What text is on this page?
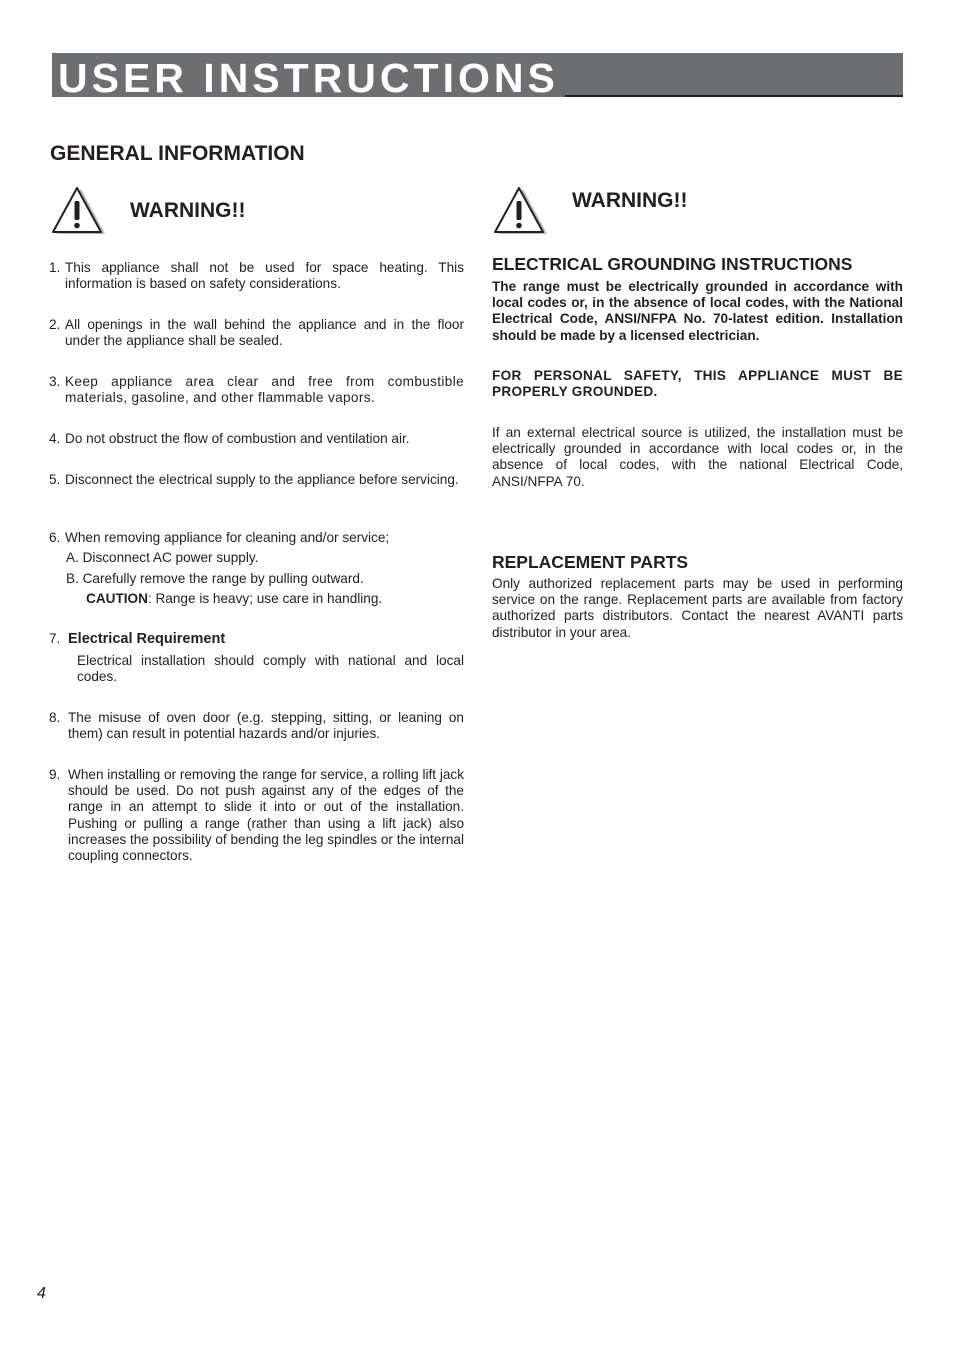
USER INSTRUCTIONS
GENERAL INFORMATION
WARNING!!
1. This appliance shall not be used for space heating. This information is based on safety considerations.
2. All openings in the wall behind the appliance and in the floor under the appliance shall be sealed.
3. Keep appliance area clear and free from combustible materials, gasoline, and other flammable vapors.
4. Do not obstruct the flow of combustion and ventilation air.
5. Disconnect the electrical supply to the appliance before servicing.
6. When removing appliance for cleaning and/or service;
A. Disconnect AC power supply.
B. Carefully remove the range by pulling outward.
CAUTION: Range is heavy; use care in handling.
7. Electrical Requirement
Electrical installation should comply with national and local codes.
8. The misuse of oven door (e.g. stepping, sitting, or leaning on them) can result in potential hazards and/or injuries.
9. When installing or removing the range for service, a rolling lift jack should be used. Do not push against any of the edges of the range in an attempt to slide it into or out of the installation. Pushing or pulling a range (rather than using a lift jack) also increases the possibility of bending the leg spindles or the internal coupling connectors.
WARNING!!
ELECTRICAL GROUNDING INSTRUCTIONS
The range must be electrically grounded in accordance with local codes or, in the absence of local codes, with the National Electrical Code, ANSI/NFPA No. 70-latest edition. Installation should be made by a licensed electrician.
FOR PERSONAL SAFETY, THIS APPLIANCE MUST BE PROPERLY GROUNDED.
If an external electrical source is utilized, the installation must be electrically grounded in accordance with local codes or, in the absence of local codes, with the national Electrical Code, ANSI/NFPA 70.
REPLACEMENT PARTS
Only authorized replacement parts may be used in performing service on the range. Replacement parts are available from factory authorized parts distributors. Contact the nearest AVANTI parts distributor in your area.
4
